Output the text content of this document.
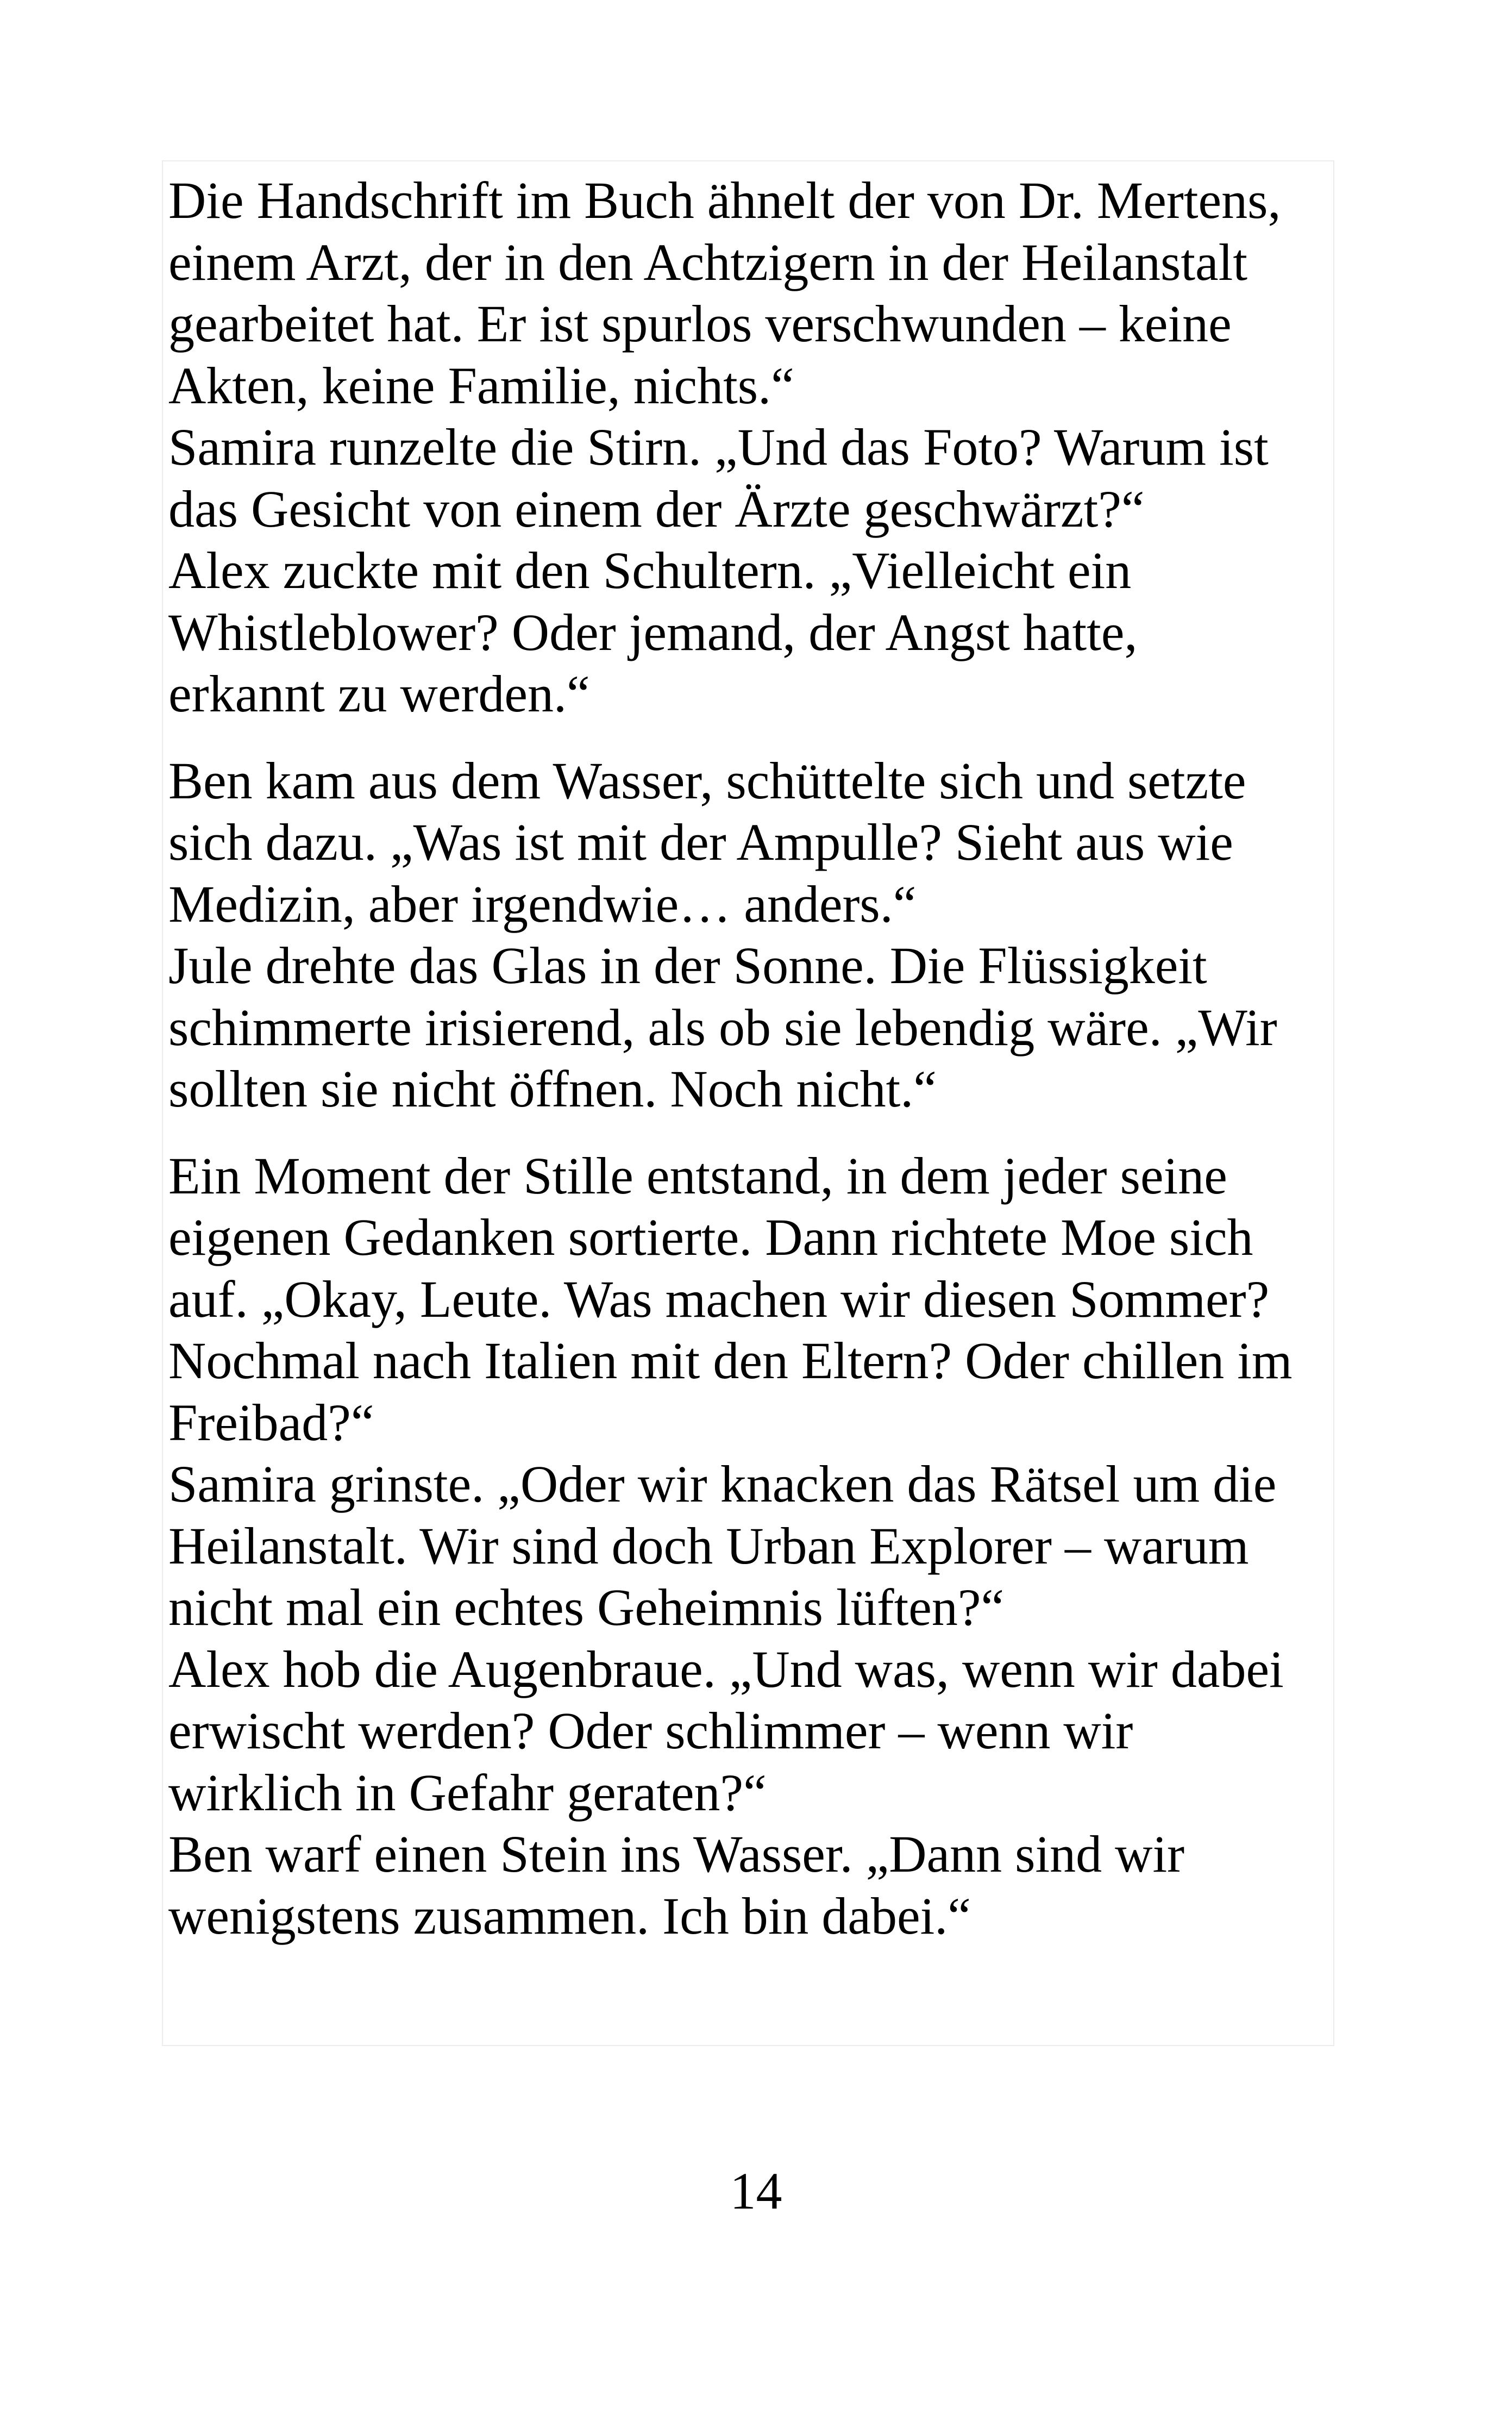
Die Handschrift im Buch ähnelt der von Dr. Mertens,
einem Arzt, der in den Achtzigern in der Heilanstalt
gearbeitet hat. Er ist spurlos verschwunden – keine
Akten, keine Familie, nichts.“
Samira runzelte die Stirn. „Und das Foto? Warum ist
das Gesicht von einem der Ärzte geschwärzt?“
Alex zuckte mit den Schultern. „Vielleicht ein
Whistleblower? Oder jemand, der Angst hatte,
erkannt zu werden.“
Ben kam aus dem Wasser, schüttelte sich und setzte
sich dazu. „Was ist mit der Ampulle? Sieht aus wie
Medizin, aber irgendwie… anders.“
Jule drehte das Glas in der Sonne. Die Flüssigkeit
schimmerte irisierend, als ob sie lebendig wäre. „Wir
sollten sie nicht öffnen. Noch nicht.“
Ein Moment der Stille entstand, in dem jeder seine
eigenen Gedanken sortierte. Dann richtete Moe sich
auf. „Okay, Leute. Was machen wir diesen Sommer?
Nochmal nach Italien mit den Eltern? Oder chillen im
Freibad?“
Samira grinste. „Oder wir knacken das Rätsel um die
Heilanstalt. Wir sind doch Urban Explorer – warum
nicht mal ein echtes Geheimnis lüften?“
Alex hob die Augenbraue. „Und was, wenn wir dabei
erwischt werden? Oder schlimmer – wenn wir
wirklich in Gefahr geraten?“
Ben warf einen Stein ins Wasser. „Dann sind wir
wenigstens zusammen. Ich bin dabei.“
14
